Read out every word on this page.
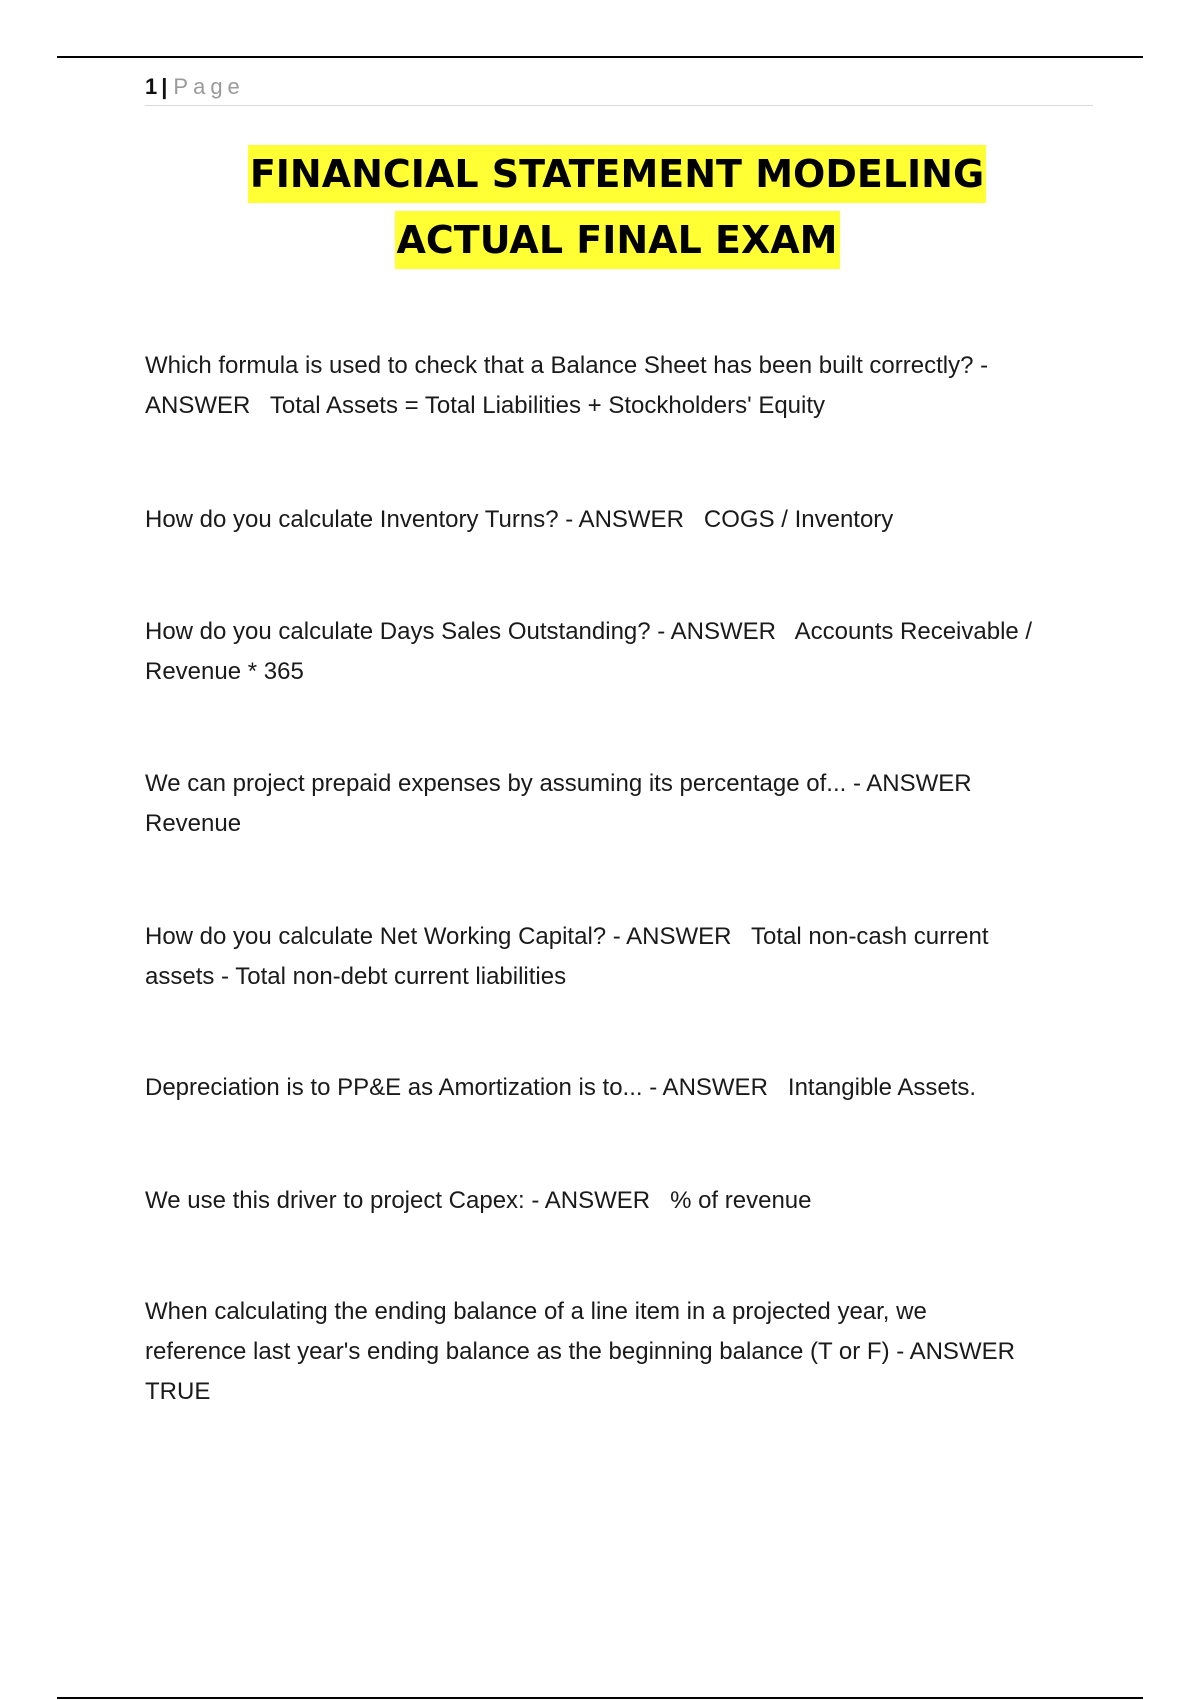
1 | Page
FINANCIAL STATEMENT MODELING
ACTUAL FINAL EXAM

Which formula is used to check that a Balance Sheet has been built correctly? -
ANSWER   Total Assets = Total Liabilities + Stockholders' Equity

How do you calculate Inventory Turns? - ANSWER   COGS / Inventory

How do you calculate Days Sales Outstanding? - ANSWER   Accounts Receivable /
Revenue * 365

We can project prepaid expenses by assuming its percentage of... - ANSWER
Revenue

How do you calculate Net Working Capital? - ANSWER   Total non-cash current
assets - Total non-debt current liabilities

Depreciation is to PP&E as Amortization is to... - ANSWER   Intangible Assets.

We use this driver to project Capex: - ANSWER   % of revenue

When calculating the ending balance of a line item in a projected year, we
reference last year's ending balance as the beginning balance (T or F) - ANSWER
TRUE
